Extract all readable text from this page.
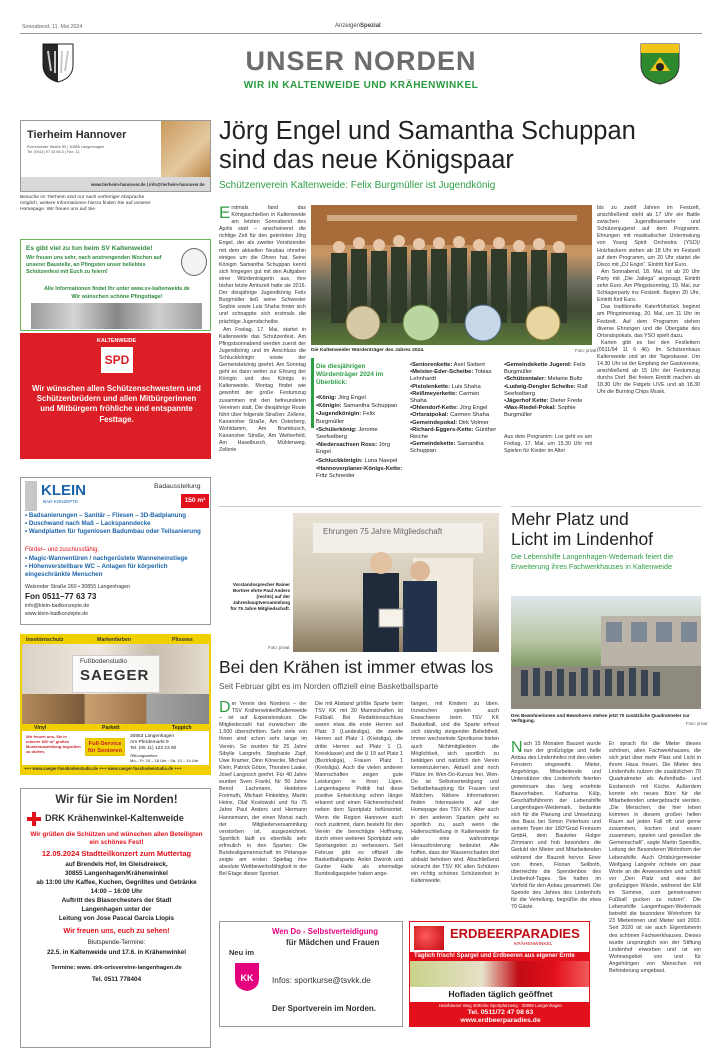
Sonnabend, 11. Mai 2024	AnzeigenSpezial
UNSER NORDEN
WIR IN KALTENWEIDE UND KRÄHENWINKEL
Tierheim Hannover
Evershorster Straße 80 | 30855 Langenhagen
Tel. (0511) 97 33 98-0 | Fax -11
www.tierheim-hannover.de | info@tierheim-hannover.de
Besuche im Tierheim sind nur nach vorheriger Absprache möglich, weitere Informationen hierzu finden Sie auf unserer Homepage. Wir freuen uns auf Sie
Es gibt viel zu tun beim SV Kaltenweide!
Wir freuen uns sehr, nach anstrengenden Wochen auf unserer Baustelle, an Pfingsten unser beliebtes Schützenfest mit Euch zu feiern!
Alle Informationen findet Ihr unter www.sv-kaltenweide.de
Wir wünschen schöne Pfingsttage!
KALTENWEIDE
SPD
Wir wünschen allen Schützenschwestern und Schützenbrüdern und allen Mitbürgerinnen und Mitbürgern fröhliche und entspannte Festtage.
KLEIN
BAD-KONZEPTE
Badausstellung
150 m²
• Badsanierungen – Sanitär – Fliesen – 3D-Badplanung
• Duschwand nach Maß – Lackspanndecke
• Wandplatten für fugenlosen Badumbau oder Teilsanierung
Förder– und zuschussfähig:
• Magic-Wannentüren / nachgerüstete Wanneneinstiege
• Höhenverstellbare WC – Anlagen für körperlich eingeschränkte Menschen
Walsroder Straße 260 • 30855 Langenhagen
Fon 0511–77 63 73
info@klein-badkonzepte.de
www.klein-badkonzepte.de
Insektenschutz	Markenfarben	Plissees
Fußbodenstudio
SAEGER
Vinyl	Parkett	Teppich
Wir freuen uns, Sie in unserer 600 m² großen Musterausstellung begrüßen zu dürfen.
Full-Service für Senioren
30853 Langenhagen
Am Pferdemarkt 9
Tel. (05 11) 123 23 80
Öffnungszeiten:
Mo.– Fr. 10 – 18 Uhr · Sa. 10 – 14 Uhr
+++ www.saeger-fussbodenstudio.de +++ www.saeger-fussbodenstudio.de +++
Wir für Sie im Norden!
DRK Krähenwinkel-Kaltenweide
Wir grüßen die Schützen und wünschen allen Beteiligten ein schönes Fest!
12.05.2024 Stadtteilkonzert zum Muttertag
auf Brendels Hof, Im Gleisdreieck,
30855 Langenhagen/Krähenwinkel
ab 13:00 Uhr Kaffee, Kuchen, Gegrilltes und Getränke
14:00 – 16:00 Uhr
Auftritt des Blasorchesters der Stadt
Langenhagen unter der
Leitung von Jose Pascal Garcia Llopis
Wir freuen uns, euch zu sehen!
Blutspende-Termine:
22.5. in Kaltenweide und 17.6. in Krähenwinkel
Termine: www. drk-ortsvereine-langenhagen.de
Tel. 0511 778404
Jörg Engel und Samantha Schuppan
sind das neue Königspaar
Schützenverein Kaltenweide: Felix Burgmüller ist Jugendkönig
Erstmals fand das Königsschießen in Kaltenweide am letzten Sonnabend des Aprils statt – anscheinend die richtige Zeit für den gekrönten Jörg Engel, der als zweiter Vorsitzender mit dem aktuellen Neubau ohnehin einiges um die Ohren hat. Seine Königin Samantha Schuppan kennt sich hingegen gut mit den Aufgaben einer Würdenträgerin aus, ihre bisher letzte Amtszeit hatte sie 2016. Der diesjährige Jugendkönig Felix Burgmüller ließ seine Schwester Sophie sowie Luis Shaha hinter sich und schnappte sich erstmals die prächtige Jugendscheibe.
Am Freitag, 17. Mai, startet in Kaltenweide das Schützenfest. Am Pfingstsonnabend werden zuerst der Jugendkönig und im Anschluss die Schluckkönigin sowie der Gemeindekönig geehrt. Am Sonntag geht es dann weiter zur Ehrung der Königin und des Königs in Kaltenweide. Montag findet wie gewohnt der große Festumzug zusammen mit den befreundeten Vereinen statt. Die diesjährige Route führt über folgende Straßen: Zellerie, Kananoher Straße, Am Osterberg, Wohldamm, Am Brambusch, Kananoher Straße, Am Weiherfeld, Am Haselbusch, Mühlenweg, Zellerie
Die Kaltenweider Würdenträger des Jahres 2024.	Foto: privat
bis zu zwölf Jahren im Festzelt, anschließend steht ab 17 Uhr ein Battle zwischen Jugendfeuerwehr und Schützenjugend auf dem Programm. Ehrungen mit musikalischer Untermalung von Young Spirit Orchestra (YSO)/ Holzhackern stehen ab 18 Uhr im Festzelt auf dem Programm, um 20 Uhr startet die Disco mit „DJ Engin“. Eintritt fünf Euro.
Am Sonnabend, 18. Mai, ist ab 20 Uhr Party mit „Die Jatlega“ angesagt. Eintritt zehn Euro. Am Pfingstsonntag, 19. Mai, zur Schlagerparty ins Festzelt. Beginn 20 Uhr, Eintritt fünf Euro.
Das traditionelle Katerfrühstück beginnt am Pfingstmontag, 20. Mai, um 11 Uhr im Festzelt. Auf dem Programm stehen diverse Ehrungen und die Übergabe des Ortsratspokals, das YSO spielt dazu.
Karten gibt es bei den Festleitern (0511/94 11 6 46). Im Schützenhaus Kaltenweide und an der Tageskasse. Um 14.30 Uhr ist der Empfang der Gastvereine, anschließend ab 15 Uhr der Festumzug durchs Dorf. Bei freiem Eintritt machen ab 18.30 Uhr die Fidgets LIVE und ab 18.30 Uhr die Burning Chips Musik.
Die diesjährigen Würdenträger 2024 im Überblick:
▪König: Jörg Engel
▪Königin: Samantha Schuppan
▪Jugendkönigin: Felix Burgmüller
▪Schülerkönig: Jerome Seefselberg
▪Niedersachsen Ross: Jörg Engel
▪Schluckkönigin: Luna Naepel
▪Hannoverplaner-Königs-Kette: Fritz Schneider
▪Seniorenkette: Axel Siebert
▪Meister-Eder-Scheibe: Tobias Lehnhardt
▪Pistolenkette: Luis Shaha
▪Reißmeyerkette: Carmen Shaha
▪Ohlendorf-Kette: Jörg Engel
▪Ortsratpokal: Carmen Shaha
▪Gemeindepokal: Dirk Volmer
▪Richard-Eggers-Kette: Günther Reiche
▪Gemeindekette: Samantha Schuppan
▪Gemeindekette Jugend: Felix Burgmüller
▪Schützentaler: Melanie Bultz
▪Ludwig-Dengler Scheibe: Ralf Seefselberg
▪Jägerhof Kette: Dieter Frede
▪Max-Riedel-Pokal: Sophie Burgmüller
Aus dem Programm: Los geht es am Freitag, 17. Mai, um 15.30 Uhr mit Spielen für Kinder im Alter
Vorstandssprecher Rainer Bortner ehrte Paul Anders (rechts) auf der Jahreshauptversammlung für 75 Jahre Mitgliedschaft.
Foto: privat
Ehrungen 75 Jahre Mitgliedschaft
Bei den Krähen ist immer etwas los
Seit Februar gibt es im Norden offiziell eine Basketballsparte
Der Verein des Nordens – der TSV Krähenwinkel/Kaltenweide – ist auf Expansionskurs. Die Mitgliederzahl hat inzwischen die 1.500 überschritten. Sehr viele von Ihnen sind schon sehr lange im Verein. So wurden für 25 Jahre Sibylle Langrehr, Stephanie Zapf, Uwe Kramer, Dino Könecke, Michael Klein, Patrick Götze, Thorsten Laake, Josef Langosch geehrt. Für 40 Jahre wurden Sven Frankl, für 50 Jahre Bernd Lachmann, Heidelore Freimuth, Michael Finkeldey, Martin Heins, Olaf Koslowski und für 75 Jahre Paul Anders und Hermann Hannemann, der einen Monat nach der Mitgliederversammlung verstorben ist, ausgezeichnet. Sportlich läuft es ebenfalls sehr erfreulich in den Sparten. Die Bundesligamannschaft im Pétanque zeigte am ersten Spieltag ihre absolute Wettbewerbsfähigkeit in der Bel Etage dieser Sportart.
Die mit Abstand größte Sparte beim TSV KK mit 30 Mannschaften ist Fußball. Bei Redaktionsschluss waren etwa die erste Herren auf Platz 3 (Landesliga), die zweite Herren auf Platz 1 (Kreisliga), die dritte Herren auf Platz 1 (1. Kreisklasse) und die U 19 auf Platz 1 (Bezirksliga), Frauen Platz 1 (Kreisliga). Auch die vielen anderen Mannschaften zeigen gute Leistungen in ihren Ligen. Langenhagens Politik hat diese positive Entwicklung schon länger erkannt und einen Fächerentscheid neben dem Sportplatz befürwortet. Wenn die Region Hannover auch noch zustimmt, dann besteht für den Verein die berechtigte Hoffnung, durch einen weiteren Sportplatz sein Sportangebot zu verbessern. Seit Februar gibt es offiziell die Basketballsparte. Anikó Dworok und Gunter Halle als ehemalige Bundesligaspieler haben ange-
fangen, mit Kindern zu üben. Inzwischen spielen auch Erwachsene beim TSV KK Basketball, und die Sparte erfreut sich ständig steigender Beliebtheit. Immer wechselnde Sportkurse bieten auch Nichtmitgliedern die Möglichkeit, sich sportlich zu betätigen und natürlich den Verein kennenzulernen. Aktuell sind noch Plätze im Wen-Do-Kursus frei. Wen-Do ist Selbstverteidigung und Selbstbehauptung für Frauen und Mädchen. Nähere Informationen finden Interessierte auf der Homepage des TSV KK. Aber auch in den anderen Sparten geht es sportlich zu, auch wenn die Hallenschließung in Kaltenweide für alle eine wahnsinnige Herausforderung bedeutet. Alle hoffen, dass der Wasserschaden dort alsbald behoben wird. Abschließend wünscht der TSV KK allen Schützen ein richtig schönes Schützenfest in Kaltenweide.
Neu im
KK
Wen Do - Selbstverteidigung
für Mädchen und Frauen
Infos: sportkurse@tsvkk.de
Der Sportverein im Norden.
ERDBEERPARADIES
KRÄHENWINKEL
Täglich frisch! Spargel und Erdbeeren aus eigener Ernte
Hofladen täglich geöffnet
Hainhäuser Weg 40/Ecke Sportplatzweg · 30855 Langenhagen
Tel. 0511/72 47 08 63
www.erdbeerparadies.de
Mehr Platz und
Licht im Lindenhof
Die Lebenshilfe Langenhagen-Wedemark feiert die Erweiterung ihres Fachwerkhauses in Kaltenweide
Den Bewohnerinnen und Bewohnern stehen jetzt 70 zusätzliche Quadratmeter zur Verfügung.
Foto: privat
Nach 15 Monaten Bauzeit wurde nun der großzügige und helle Anbau des Lindenhofes mit den vielen Fenstern eingeweiht. Mieter, Angehörige, Mitarbeitende und Unterstützer des Lindenhofs feierten gemeinsam das lang ersehnte Bauvorhaben. Katharina Külp, Geschäftsführerin der Lebenshilfe Langenhagen-Wedemark, bedankte sich für die Planung und Umsetzung des Baus bei Simon Peterburs und seinem Team der 180°Grad Freiraum GmbH, dem Bauleiter Holger Zimmann und hob besonders die Geduld der Mieter und Mitarbeitenden während der Bauzeit hervor. Einer von ihnen, Florian Seilboth, überreichte die Spendenbox des Lindenhof-Tages. Sie hatten im Vorfeld für den Anbau gesammelt. Die Spende des Jahres des Lindenhofs für die Verteilung, begrüßte die etwa 70 Gäste.
Er sprach für die Mieter dieses schönen, alten Fachwerkhauses, die sich jetzt über mehr Platz und Licht in ihrem Haus freuen. Die Mieter des Lindenhofs nutzen die zusätzlichen 70 Quadratmeter als Aufenthalts- und Essbereich mit Küche. Außerdem konnte ein neues Büro für die Mitarbeitenden untergebracht werden. „Die Menschen, die hier leben kommen in diesem großen hellen Raum auf jeden Fall oft und gerne zusammen, kochen und essen zusammen, spielen und genießen die Gemeinschaft“, sagte Martin Spendlin, Leitung der Besonderen Wohnform der Lebenshilfe. Auch Ortsbürgermeister Weifgang Langrehr richtete ein paar Worte an die Anwesenden und schloß vor „Den Platz und eine der großzügigen Wände, während der EM im Sommer, zum gemeinsamen Fußball gucken zu nutzen“. Die Lebenshilfe Langenhagen-Wedemark betreibt die besondere Wohnform für 23 Mieterinnen und Mieter seit 2003. Seit 2020 ist sie auch Eigentümerin des schönen Fachwerkhauses. Dieses wurde ursprünglich von der Stiftung Lindenhof erworben und ist ein Wohnangebot von und für Angehörigen von Menschen mit Behinderung umgebaut.
